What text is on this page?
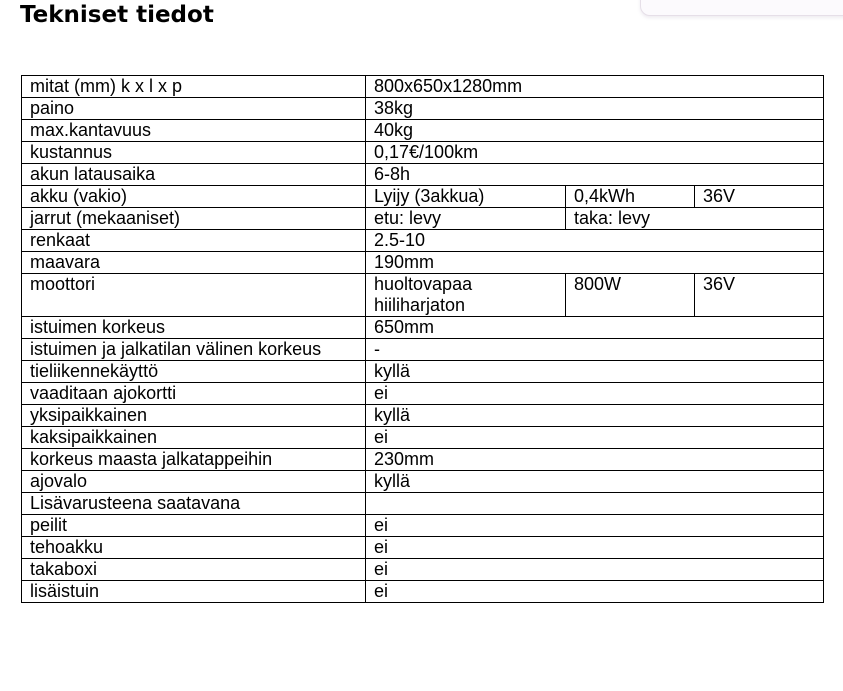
Tekniset tiedot
mitat (mm) k x l x p	800x650x1280mm		
paino	38kg		
max.kantavuus	40kg		
kustannus	0,17€/100km		
akun latausaika	6-8h		
akku (vakio)	Lyijy (3akkua)	0,4kWh	36V
jarrut (mekaaniset)	etu: levy	taka: levy	
renkaat	2.5-10		
maavara	190mm		
moottori	huoltovapaa hiiliharjaton	800W	36V
istuimen korkeus	650mm		
istuimen ja jalkatilan välinen korkeus	-		
tieliikennekäyttö	kyllä		
vaaditaan ajokortti	ei		
yksipaikkainen	kyllä		
kaksipaikkainen	ei		
korkeus maasta jalkatappeihin	230mm		
ajovalo	kyllä		
Lisävarusteena saatavana			
peilit	ei		
tehoakku	ei		
takaboxi	ei		
lisäistuin	ei		
